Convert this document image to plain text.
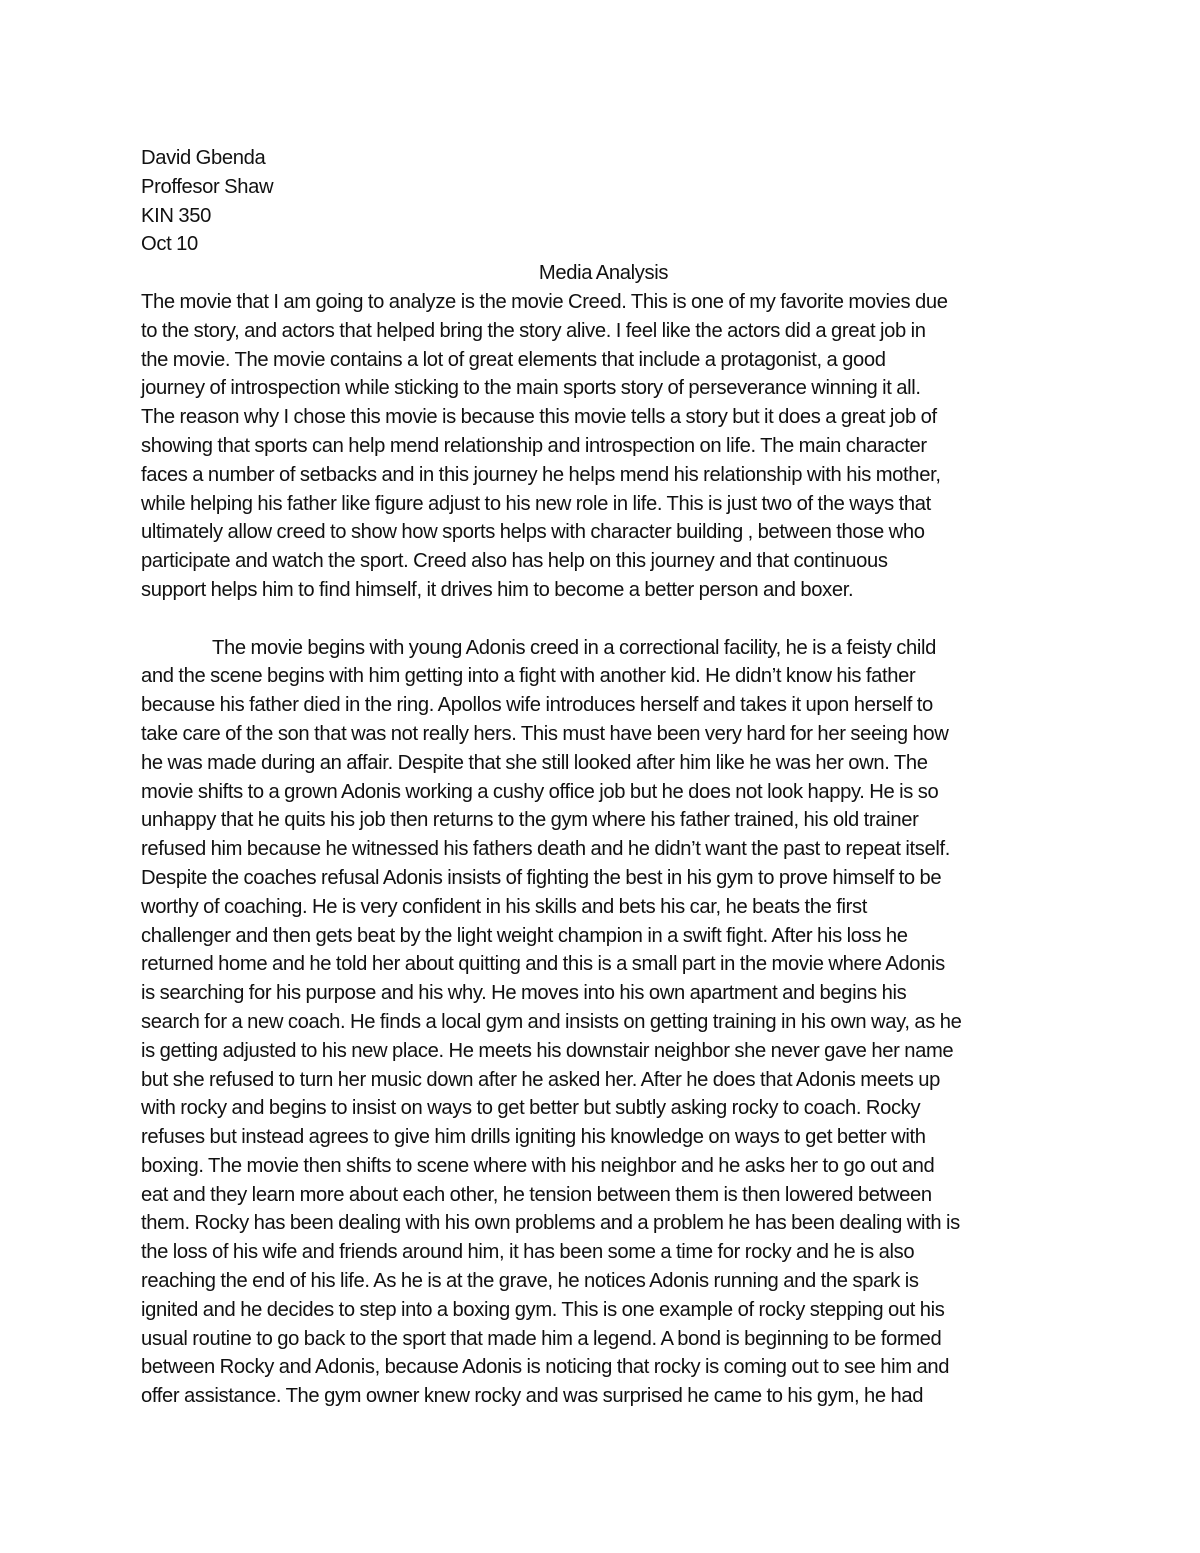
David Gbenda
Proffesor Shaw
KIN 350
Oct 10
Media Analysis
The movie that I am going to analyze is the movie Creed. This is one of my favorite movies due
to the story, and actors that helped bring the story alive. I feel like the actors did a great job in
the movie. The movie contains a lot of great elements that include a protagonist, a good
journey of introspection while sticking to the main sports story of perseverance winning it all.
The reason why I chose this movie is because this movie tells a story but it does a great job of
showing that sports can help mend relationship and introspection on life. The main character
faces a number of setbacks and in this journey he helps mend his relationship with his mother,
while helping his father like figure adjust to his new role in life. This is just two of the ways that
ultimately allow creed to show how sports helps with character building , between those who
participate and watch the sport. Creed also has help on this journey and that continuous
support helps him to find himself, it drives him to become a better person and boxer.
The movie begins with young Adonis creed in a correctional facility, he is a feisty child
and the scene begins with him getting into a fight with another kid. He didn’t know his father
because his father died in the ring. Apollos wife introduces herself and takes it upon herself to
take care of the son that was not really hers. This must have been very hard for her seeing how
he was made during an affair. Despite that she still looked after him like he was her own. The
movie shifts to a grown Adonis working a cushy office job but he does not look happy. He is so
unhappy that he quits his job then returns to the gym where his father trained, his old trainer
refused him because he witnessed his fathers death and he didn’t want the past to repeat itself.
Despite the coaches refusal Adonis insists of fighting the best in his gym to prove himself to be
worthy of coaching. He is very confident in his skills and bets his car, he beats the first
challenger and then gets beat by the light weight champion in a swift fight. After his loss he
returned home and he told her about quitting and this is a small part in the movie where Adonis
is searching for his purpose and his why. He moves into his own apartment and begins his
search for a new coach. He finds a local gym and insists on getting training in his own way, as he
is getting adjusted to his new place. He meets his downstair neighbor she never gave her name
but she refused to turn her music down after he asked her. After he does that Adonis meets up
with rocky and begins to insist on ways to get better but subtly asking rocky to coach. Rocky
refuses but instead agrees to give him drills igniting his knowledge on ways to get better with
boxing. The movie then shifts to scene where with his neighbor and he asks her to go out and
eat and they learn more about each other, he tension between them is then lowered between
them. Rocky has been dealing with his own problems and a problem he has been dealing with is
the loss of his wife and friends around him, it has been some a time for rocky and he is also
reaching the end of his life. As he is at the grave, he notices Adonis running and the spark is
ignited and he decides to step into a boxing gym. This is one example of rocky stepping out his
usual routine to go back to the sport that made him a legend. A bond is beginning to be formed
between Rocky and Adonis, because Adonis is noticing that rocky is coming out to see him and
offer assistance. The gym owner knew rocky and was surprised he came to his gym, he had
